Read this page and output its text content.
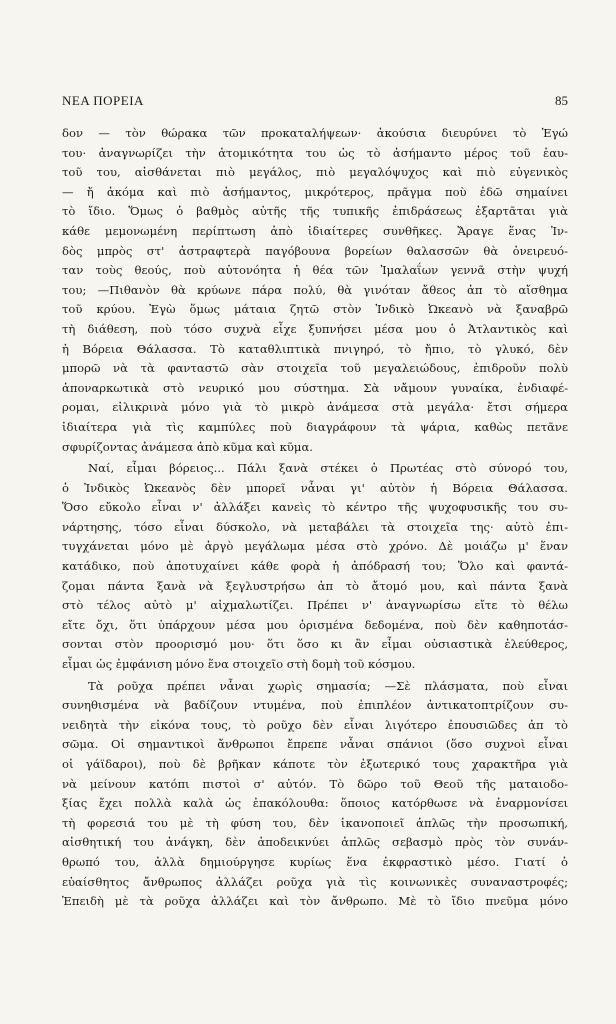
ΝΕΑ ΠΟΡΕΙΑ	85
δον — τὸν θώρακα τῶν προκαταλήψεων· ἀκούσια διευρύνει τὸ Ἐγώ
του· ἀναγνωρίζει τὴν ἀτομικότητα του ὡς τὸ ἀσήμαντο μέρος τοῦ ἑαυ-
τοῦ του, αἰσθάνεται πιὸ μεγάλος, πιὸ μεγαλόψυχος καὶ πιὸ εὐγενικὸς
— ἤ ἀκόμα καὶ πιὸ ἀσήμαντος, μικρότερος, πρᾶγμα ποὺ ἐδῶ σημαίνει
τὸ ἴδιο. Ὅμως ὁ βαθμὸς αὐτῆς τῆς τυπικῆς ἐπιδράσεως ἐξαρτᾶται γιὰ
κάθε μεμονωμένη περίπτωση ἀπὸ ἰδιαίτερες συνθῆκες. Ἄραγε ἕνας Ἰν-
δὸς μπρὸς στ' ἀστραφτερὰ παγόβουνα βορείων θαλασσῶν θὰ ὀνειρευό-
ταν τοὺς θεούς, ποὺ αὐτονόητα ἡ θέα τῶν Ἰμαλαΐων γεννᾶ στὴν ψυχή
του; —Πιθανὸν θὰ κρύωνε πάρα πολύ, θὰ γινόταν ἄθεος ἀπ τὸ αἴσθημα
τοῦ κρύου. Ἐγὼ ὅμως μάταια ζητῶ στὸν Ἰνδικὸ Ὠκεανὸ νὰ ξαναβρῶ
τὴ διάθεση, ποὺ τόσο συχνὰ εἶχε ξυπνήσει μέσα μου ὁ Ἀτλαντικὸς καὶ
ἡ Βόρεια Θάλασσα. Τὸ καταθλιπτικὰ πνιγηρό, τὸ ἤπιο, τὸ γλυκό, δὲν
μπορῶ νὰ τὰ φανταστῶ σὰν στοιχεῖα τοῦ μεγαλειώδους, ἐπιδροῦν πολὺ
ἀποναρκωτικὰ στὸ νευρικό μου σύστημα. Σὰ νἄμουν γυναίκα, ἐνδιαφέ-
ρομαι, εἰλικρινὰ μόνο γιὰ τὸ μικρὸ ἀνάμεσα στὰ μεγάλα· ἔτσι σήμερα
ἰδιαίτερα γιὰ τὶς καμπύλες ποὺ διαγράφουν τὰ ψάρια, καθὼς πετᾶνε
σφυρίζοντας ἀνάμεσα ἀπὸ κῦμα καὶ κῦμα.
Ναί, εἶμαι βόρειος... Πάλι ξανὰ στέκει ὁ Πρωτέας στὸ σύνορό του,
ὁ Ἰνδικὸς Ὠκεανὸς δὲν μπορεῖ νἆναι γι' αὐτὸν ἡ Βόρεια Θάλασσα.
Ὅσο εὔκολο εἶναι ν' ἀλλάξει κανεὶς τὸ κέντρο τῆς ψυχοφυσικῆς του συ-
νάρτησης, τόσο εἶναι δύσκολο, νὰ μεταβάλει τὰ στοιχεῖα της· αὐτὸ ἐπι-
τυγχάνεται μόνο μὲ ἀργὸ μεγάλωμα μέσα στὸ χρόνο. Δὲ μοιάζω μ' ἕναν
κατάδικο, ποὺ ἀποτυχαίνει κάθε φορὰ ἡ ἀπόδρασή του; Ὅλο καὶ φαντά-
ζομαι πάντα ξανὰ νὰ ξεγλυστρήσω ἀπ τὸ ἄτομό μου, καὶ πάντα ξανὰ
στὸ τέλος αὐτὸ μ' αἰχμαλωτίζει. Πρέπει ν' ἀναγνωρίσω εἴτε τὸ θέλω
εἴτε ὄχι, ὅτι ὑπάρχουν μέσα μου ὁρισμένα δεδομένα, ποὺ δὲν καθηποτάσ-
σονται στὸν προορισμό μου· ὅτι ὅσο κι ἂν εἶμαι οὐσιαστικὰ ἐλεύθερος,
εἶμαι ὡς ἐμφάνιση μόνο ἕνα στοιχεῖο στὴ δομὴ τοῦ κόσμου.
Τὰ ροῦχα πρέπει νἆναι χωρὶς σημασία; —Σὲ πλάσματα, ποὺ εἶναι
συνηθισμένα νὰ βαδίζουν ντυμένα, ποὺ ἐπιπλέον ἀντικατοπτρίζουν συ-
νειδητὰ τὴν εἰκόνα τους, τὸ ροῦχο δὲν εἶναι λιγότερο ἐπουσιῶδες ἀπ τὸ
σῶμα. Οἱ σημαντικοὶ ἄνθρωποι ἔπρεπε νἆναι σπάνιοι (ὅσο συχνοὶ εἶναι
οἱ γάϊδαροι), ποὺ δὲ βρῆκαν κάποτε τὸν ἐξωτερικό τους χαρακτῆρα γιὰ
νὰ μείνουν κατόπι πιστοὶ σ' αὐτόν. Τὸ δῶρο τοῦ Θεοῦ τῆς ματαιοδο-
ξίας ἔχει πολλὰ καλὰ ὡς ἐπακόλουθα: ὅποιος κατόρθωσε νὰ ἐναρμονίσει
τὴ φορεσιά του μὲ τὴ φύση του, δὲν ἱκανοποιεῖ ἁπλῶς τὴν προσωπική,
αἰσθητική του ἀνάγκη, δὲν ἀποδεικνύει ἁπλῶς σεβασμὸ πρὸς τὸν συνάν-
θρωπό του, ἀλλὰ δημιούργησε κυρίως ἕνα ἐκφραστικὸ μέσο. Γιατί ὁ
εὐαίσθητος ἄνθρωπος ἀλλάζει ροῦχα γιὰ τὶς κοινωνικὲς συναναστροφές;
Ἐπειδὴ μὲ τὰ ροῦχα ἀλλάζει καὶ τὸν ἄνθρωπο. Μὲ τὸ ἴδιο πνεῦμα μόνο
